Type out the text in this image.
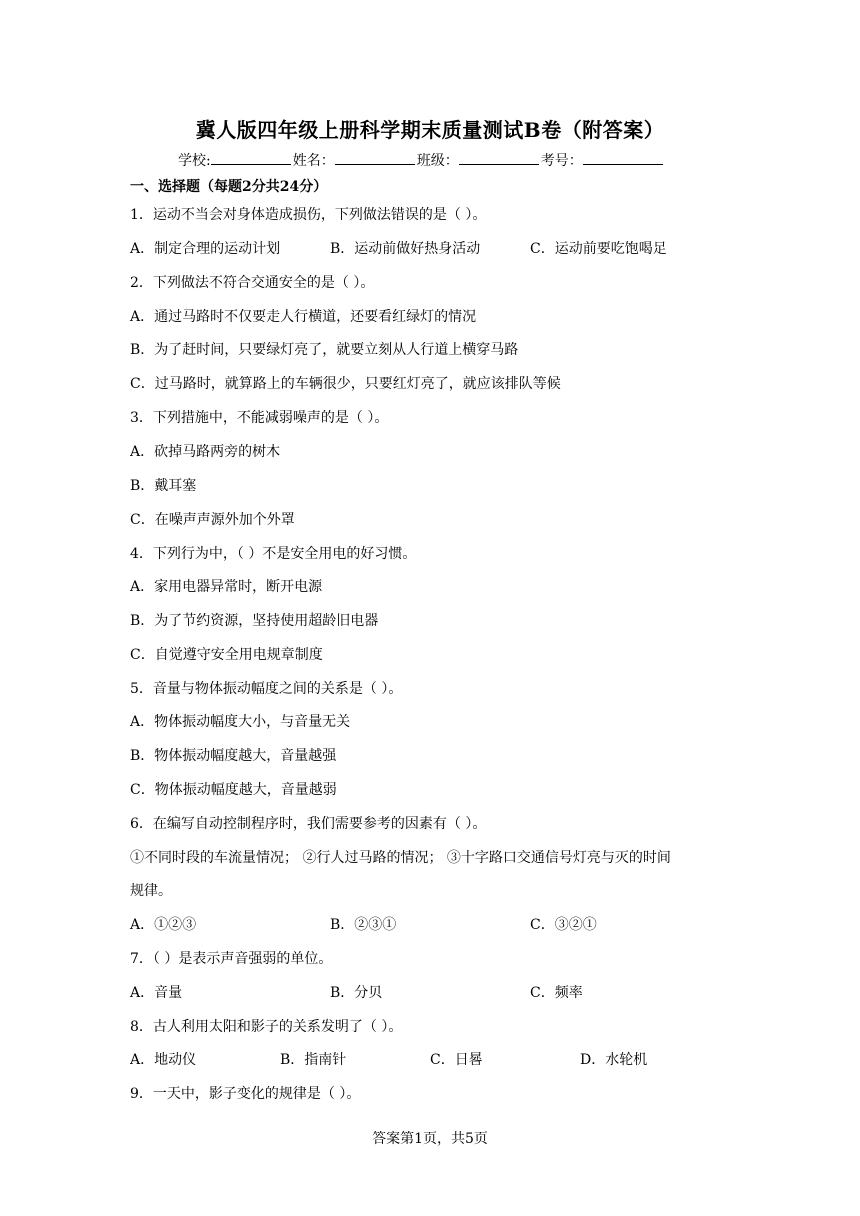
冀人版四年级上册科学期末质量测试B卷（附答案）
学校:	姓名：	班级：	考号：
一、选择题（每题2分共24分）
1．运动不当会对身体造成损伤，下列做法错误的是（ ）。
A．制定合理的运动计划	B．运动前做好热身活动	C．运动前要吃饱喝足
2．下列做法不符合交通安全的是（ ）。
A．通过马路时不仅要走人行横道，还要看红绿灯的情况
B．为了赶时间，只要绿灯亮了，就要立刻从人行道上横穿马路
C．过马路时，就算路上的车辆很少，只要红灯亮了，就应该排队等候
3．下列措施中，不能减弱噪声的是（ ）。
A．砍掉马路两旁的树木
B．戴耳塞
C．在噪声声源外加个外罩
4．下列行为中，（ ）不是安全用电的好习惯。
A．家用电器异常时，断开电源
B．为了节约资源，坚持使用超龄旧电器
C．自觉遵守安全用电规章制度
5．音量与物体振动幅度之间的关系是（ ）。
A．物体振动幅度大小，与音量无关
B．物体振动幅度越大，音量越强
C．物体振动幅度越大，音量越弱
6．在编写自动控制程序时，我们需要参考的因素有（ ）。
①不同时段的车流量情况； ②行人过马路的情况； ③十字路口交通信号灯亮与灭的时间
规律。
A．①②③	B．②③①	C．③②①
7．（ ）是表示声音强弱的单位。
A．音量	B．分贝	C．频率
8．古人利用太阳和影子的关系发明了（ ）。
A．地动仪	B．指南针	C．日晷	D．水轮机
9．一天中，影子变化的规律是（ ）。
答案第1页，共5页
